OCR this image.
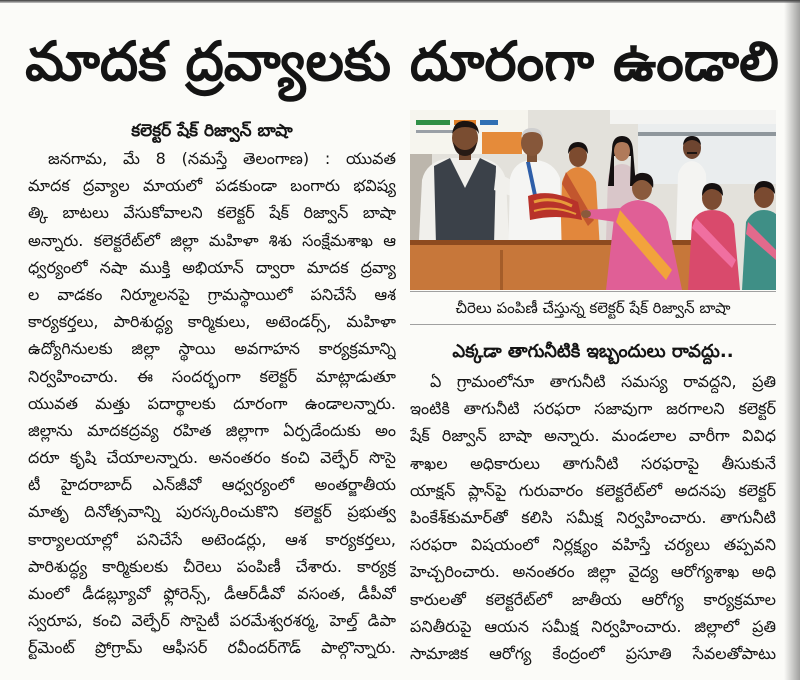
మాదక ద్రవ్యాలకు దూరంగా ఉండాలి
కలెక్టర్ షేక్ రిజ్వాన్ బాషా
జనగామ, మే 8 (నమస్తే తెలంగాణ) : యువత
మాదక ద్రవ్యాల మాయలో పడకుండా బంగారు భవిష్య
త్కి బాటలు వేసుకోవాలని కలెక్టర్ షేక్ రిజ్వాన్ బాషా
అన్నారు. కలెక్టరేట్‌లో జిల్లా మహిళా శిశు సంక్షేమశాఖ ఆ
ధ్వర్యంలో నషా ముక్తి అభియాన్ ద్వారా మాదక ద్రవ్యా
ల వాడకం నిర్మూలనపై గ్రామస్థాయిలో పనిచేసే ఆశ
కార్యకర్తలు, పారిశుద్ధ్య కార్మికులు, అటెండర్స్, మహిళా
ఉద్యోగినులకు జిల్లా స్థాయి అవగాహన కార్యక్రమాన్ని
నిర్వహించారు. ఈ సందర్భంగా కలెక్టర్ మాట్లాడుతూ
యువత మత్తు పదార్థాలకు దూరంగా ఉండాలన్నారు.
జిల్లాను మాదకద్రవ్య రహిత జిల్లాగా ఏర్పడేందుకు అం
దరూ కృషి చేయాలన్నారు. అనంతరం కంచి వెల్ఫేర్ సొసై
టీ హైదరాబాద్ ఎన్‌జీవో ఆధ్వర్యంలో అంతర్జాతీయ
మాతృ దినోత్సవాన్ని పురస్కరించుకొని కలెక్టర్ ప్రభుత్వ
కార్యాలయాల్లో పనిచేసే అటెండర్లు, ఆశ కార్యకర్తలు,
పారిశుద్ధ్య కార్మికులకు చీరెలు పంపిణీ చేశారు. కార్యక్ర
మంలో డీడబ్ల్యూవో ఫ్లోరెన్స్, డీఆర్‌డీవో వసంత, డీపీవో
స్వరూప, కంచి వెల్ఫేర్ సొసైటీ పరమేశ్వరశర్మ, హెల్త్ డిపా
ర్ట్‌మెంట్ ప్రోగ్రామ్ ఆఫీసర్ రవీందర్‌గౌడ్ పాల్గొన్నారు.
చీరెలు పంపిణీ చేస్తున్న కలెక్టర్ షేక్ రిజ్వాన్ బాషా
ఎక్కడా తాగునీటికి ఇబ్బందులు రావద్దు..
ఏ గ్రామంలోనూ తాగునీటి సమస్య రావద్దని, ప్రతి
ఇంటికి తాగునీటి సరఫరా సజావుగా జరగాలని కలెక్టర్
షేక్ రిజ్వాన్ బాషా అన్నారు. మండలాల వారీగా వివిధ
శాఖల అధికారులు తాగునీటి సరఫరాపై తీసుకునే
యాక్షన్ ప్లాన్‌పై గురువారం కలెక్టరేట్‌లో అదనపు కలెక్టర్
పింకేశ్‌కుమార్‌తో కలిసి సమీక్ష నిర్వహించారు. తాగునీటి
సరఫరా విషయంలో నిర్లక్ష్యం వహిస్తే చర్యలు తప్పవని
హెచ్చరించారు. అనంతరం జిల్లా వైద్య ఆరోగ్యశాఖ అధి
కారులతో కలెక్టరేట్‌లో జాతీయ ఆరోగ్య కార్యక్రమాల
పనితీరుపై ఆయన సమీక్ష నిర్వహించారు. జిల్లాలో ప్రతి
సామాజిక ఆరోగ్య కేంద్రంలో ప్రసూతి సేవలతోపాటు
